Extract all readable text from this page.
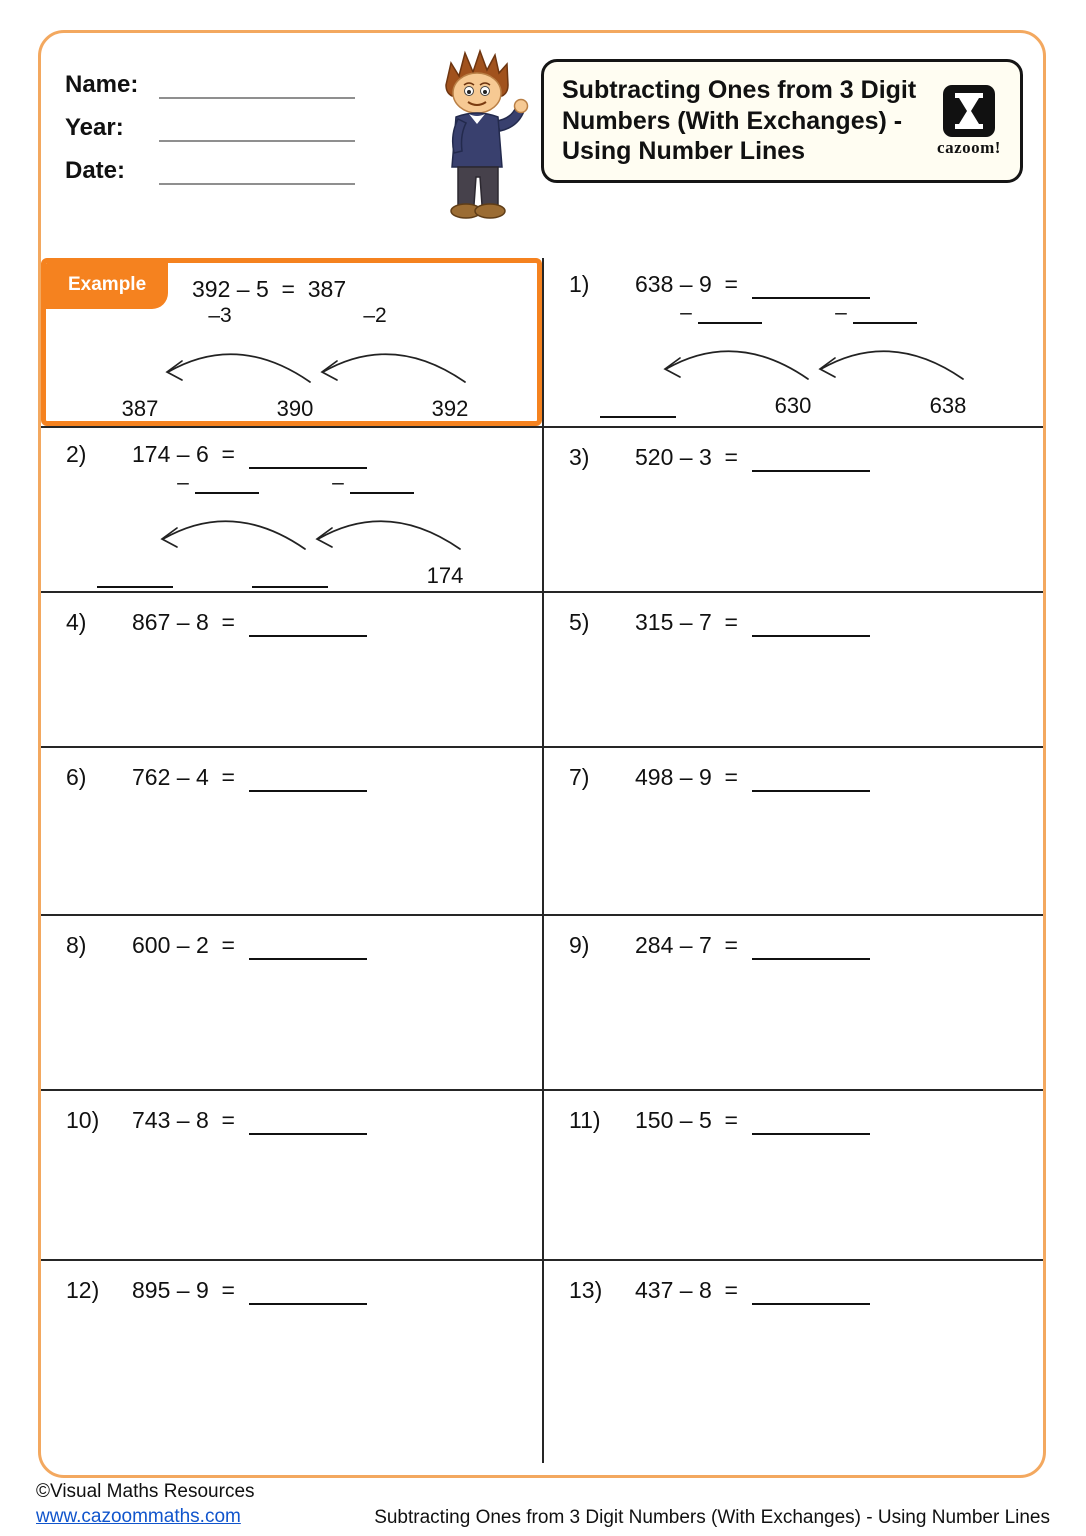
Name:
Year:
Date:
Subtracting Ones from 3 Digit
Numbers (With Exchanges) -
Using Number Lines	cazoom!
Example	392 – 5  =  387
–3	–2
387	390	392
1)	638 – 9  =
–	–
630	638
2)	174 – 6  =
–	–
174
3)	520 – 3  =
4)	867 – 8  =	5)	315 – 7  =
6)	762 – 4  =	7)	498 – 9  =
8)	600 – 2  =	9)	284 – 7  =
10)	743 – 8  =	11)	150 – 5  =
12)	895 – 9  =	13)	437 – 8  =
©Visual Maths Resources
www.cazoommaths.com	Subtracting Ones from 3 Digit Numbers (With Exchanges) - Using Number Lines
